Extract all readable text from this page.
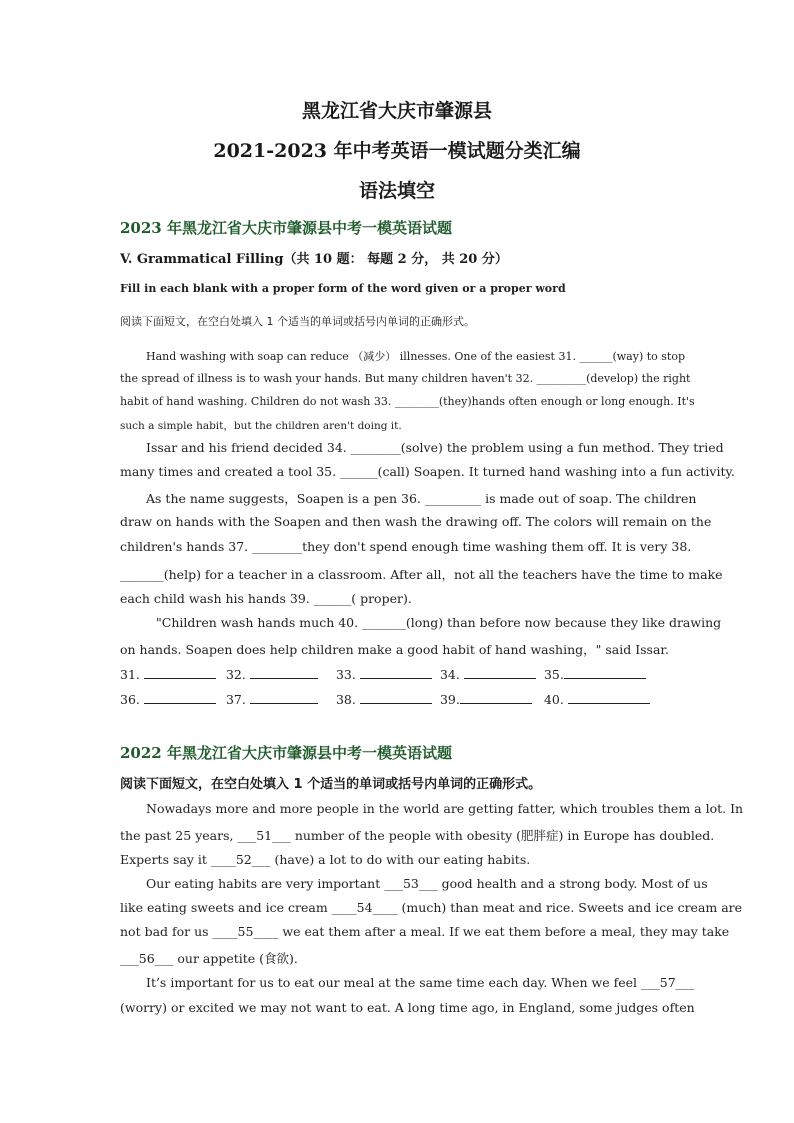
黑龙江省大庆市肇源县
2021-2023 年中考英语一模试题分类汇编
语法填空
2023 年黑龙江省大庆市肇源县中考一模英语试题
V. Grammatical Filling（共 10 题： 每题 2 分， 共 20 分）
Fill in each blank with a proper form of the word given or a proper word
阅读下面短文，在空白处填入 1 个适当的单词或括号内单词的正确形式。
Hand washing with soap can reduce （减少） illnesses. One of the easiest 31. ______(way) to stop
the spread of illness is to wash your hands. But many children haven't 32. _________(develop) the right
habit of hand washing. Children do not wash 33. ________(they)hands often enough or long enough. It's
such a simple habit，but the children aren't doing it.
Issar and his friend decided 34. ________(solve) the problem using a fun method. They tried
many times and created a tool 35. ______(call) Soapen. It turned hand washing into a fun activity.
As the name suggests，Soapen is a pen 36. _________ is made out of soap. The children
draw on hands with the Soapen and then wash the drawing off. The colors will remain on the
children's hands 37. ________they don't spend enough time washing them off. It is very 38.
_______(help) for a teacher in a classroom. After all，not all the teachers have the time to make
each child wash his hands 39. ______( proper).
"Children wash hands much 40. _______(long) than before now because they like drawing
on hands. Soapen does help children make a good habit of hand washing，" said Issar.
31.	32.	33.	34.	35.
36.	37.	38.	39.	40.
2022 年黑龙江省大庆市肇源县中考一模英语试题
阅读下面短文，在空白处填入 1 个适当的单词或括号内单词的正确形式。
Nowadays more and more people in the world are getting fatter, which troubles them a lot. In
the past 25 years, ___51___ number of the people with obesity (肥胖症) in Europe has doubled.
Experts say it ____52___ (have) a lot to do with our eating habits.
Our eating habits are very important ___53___ good health and a strong body. Most of us
like eating sweets and ice cream ____54____ (much) than meat and rice. Sweets and ice cream are
not bad for us ____55____ we eat them after a meal. If we eat them before a meal, they may take
___56___ our appetite (食欲).
It’s important for us to eat our meal at the same time each day. When we feel ___57___
(worry) or excited we may not want to eat. A long time ago, in England, some judges often
